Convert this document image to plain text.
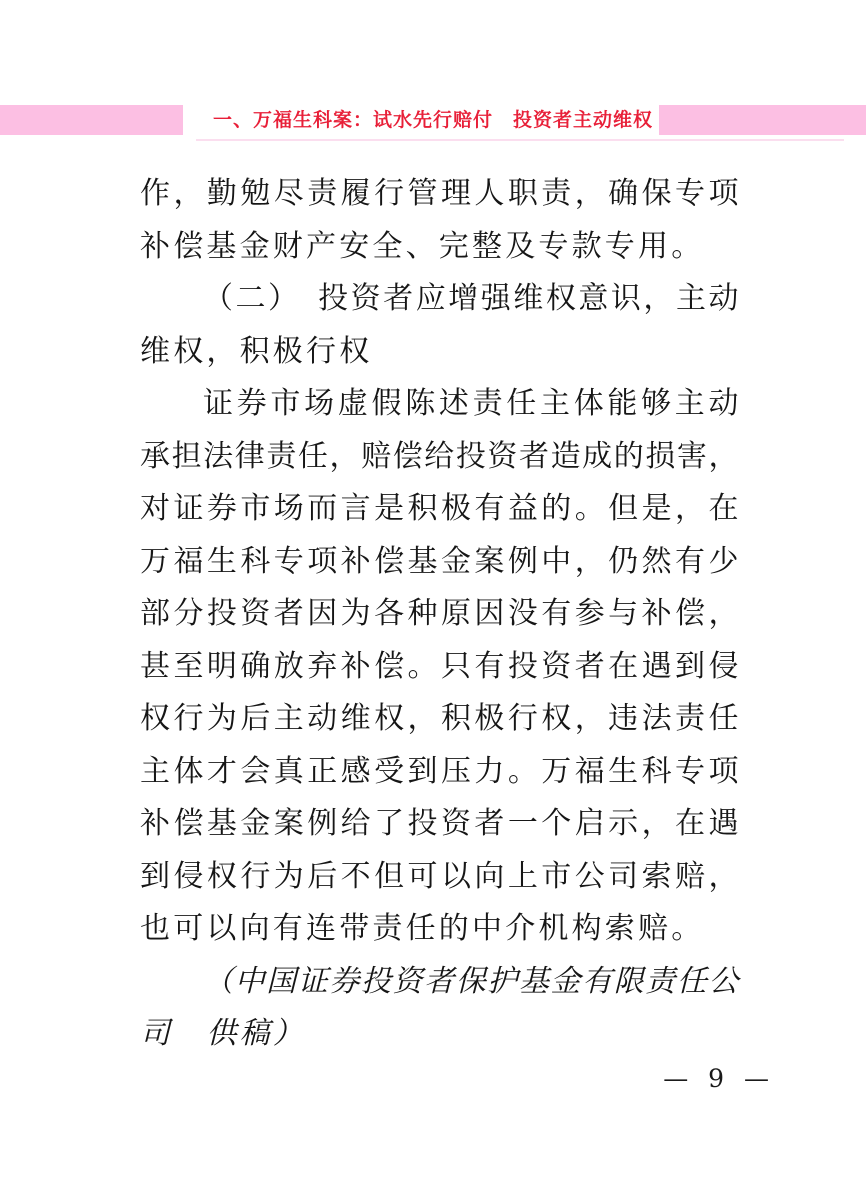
一、万福生科案：试水先行赔付　投资者主动维权
作，勤勉尽责履行管理人职责，确保专项
补偿基金财产安全、完整及专款专用。
（二）　投资者应增强维权意识，主动
维权，积极行权
证券市场虚假陈述责任主体能够主动
承担法律责任，赔偿给投资者造成的损害，
对证券市场而言是积极有益的。但是，在
万福生科专项补偿基金案例中，仍然有少
部分投资者因为各种原因没有参与补偿，
甚至明确放弃补偿。只有投资者在遇到侵
权行为后主动维权，积极行权，违法责任
主体才会真正感受到压力。万福生科专项
补偿基金案例给了投资者一个启示，在遇
到侵权行为后不但可以向上市公司索赔，
也可以向有连带责任的中介机构索赔。
（中国证券投资者保护基金有限责任公
司　供稿）
— 9 —
